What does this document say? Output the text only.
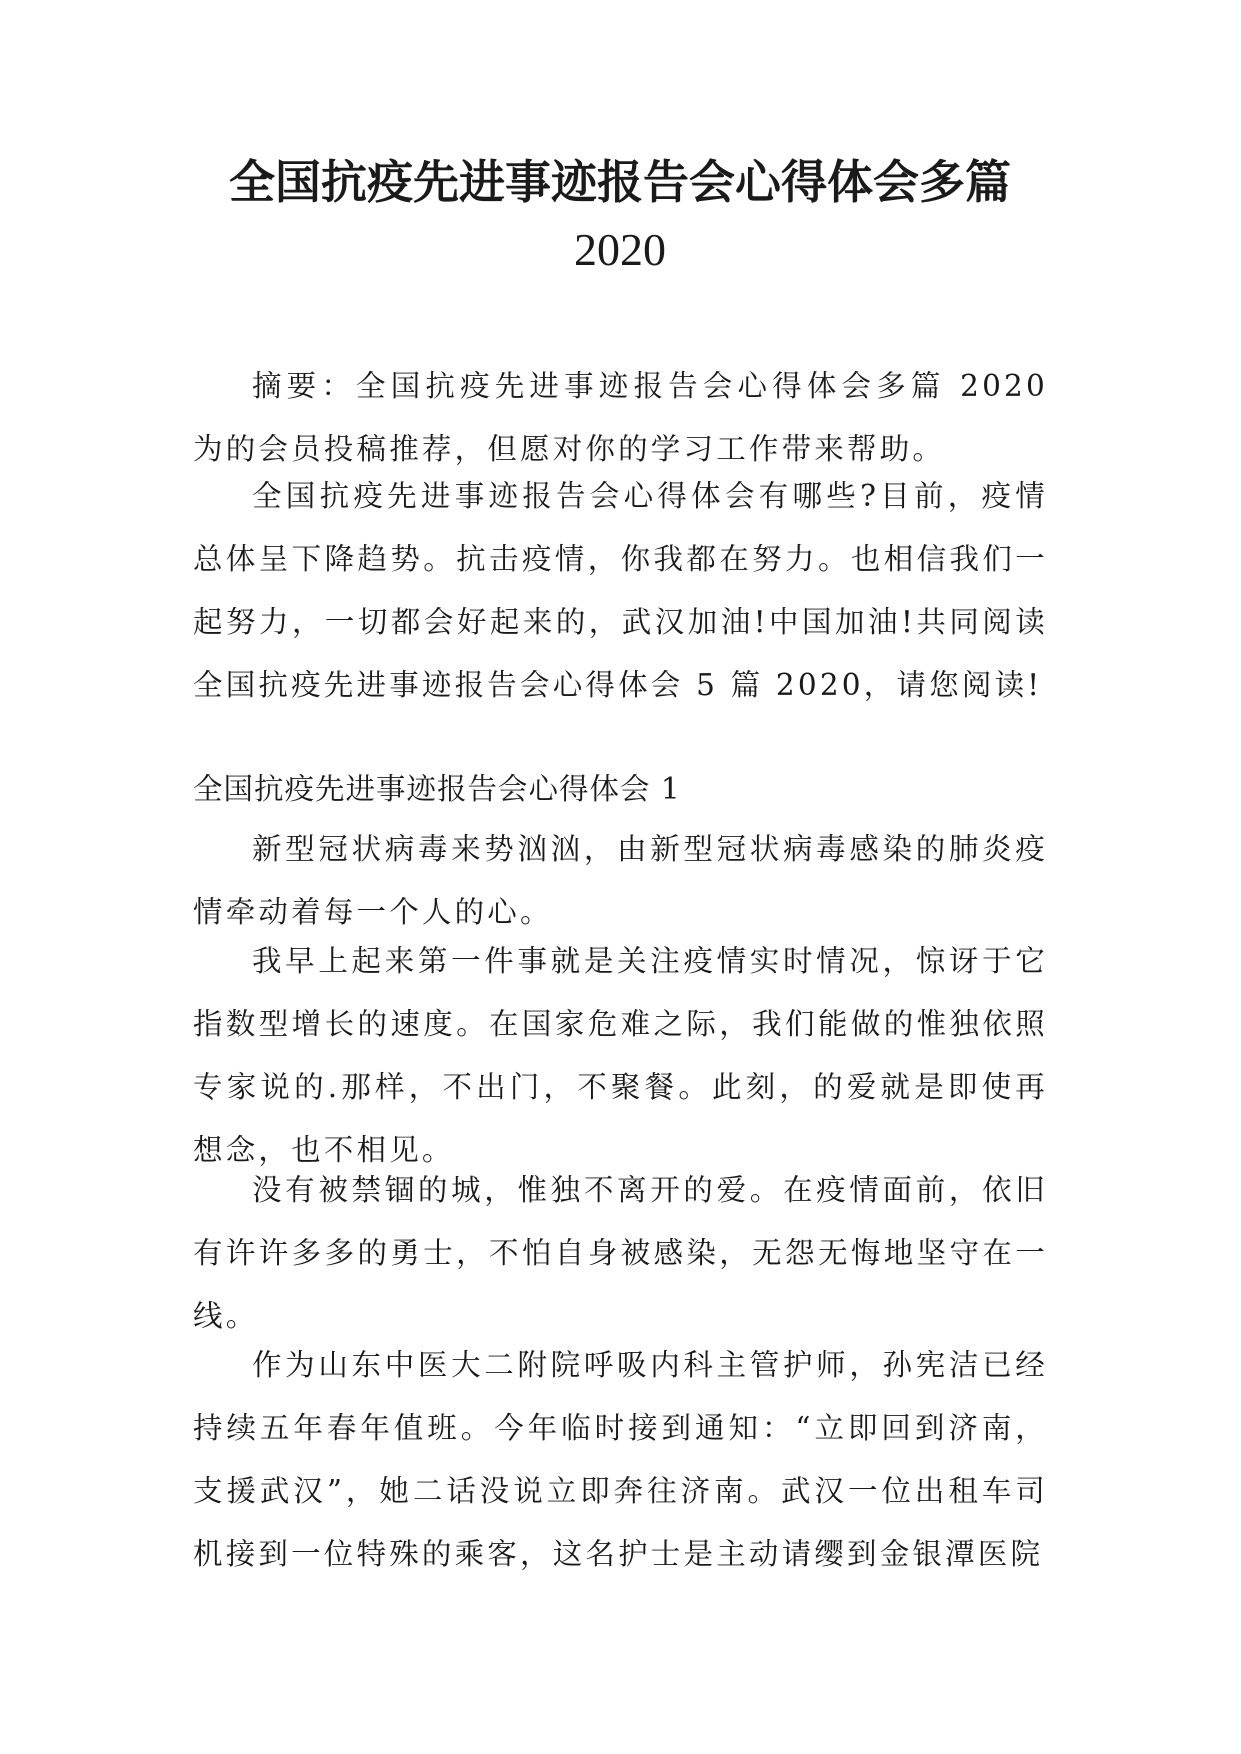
全国抗疫先进事迹报告会心得体会多篇
2020

摘要：全国抗疫先进事迹报告会心得体会多篇 2020 为的会员投稿推荐，但愿对你的学习工作带来帮助。

全国抗疫先进事迹报告会心得体会有哪些?目前，疫情总体呈下降趋势。抗击疫情，你我都在努力。也相信我们一起努力，一切都会好起来的，武汉加油!中国加油!共同阅读全国抗疫先进事迹报告会心得体会 5 篇 2020，请您阅读!

全国抗疫先进事迹报告会心得体会 1

新型冠状病毒来势汹汹，由新型冠状病毒感染的肺炎疫情牵动着每一个人的心。

我早上起来第一件事就是关注疫情实时情况，惊讶于它指数型增长的速度。在国家危难之际，我们能做的惟独依照专家说的.那样，不出门，不聚餐。此刻，的爱就是即使再想念，也不相见。

没有被禁锢的城，惟独不离开的爱。在疫情面前，依旧有许许多多的勇士，不怕自身被感染，无怨无悔地坚守在一线。

作为山东中医大二附院呼吸内科主管护师，孙宪洁已经持续五年春年值班。今年临时接到通知：“立即回到济南，支援武汉”，她二话没说立即奔往济南。武汉一位出租车司机接到一位特殊的乘客，这名护士是主动请缨到金银潭医院
